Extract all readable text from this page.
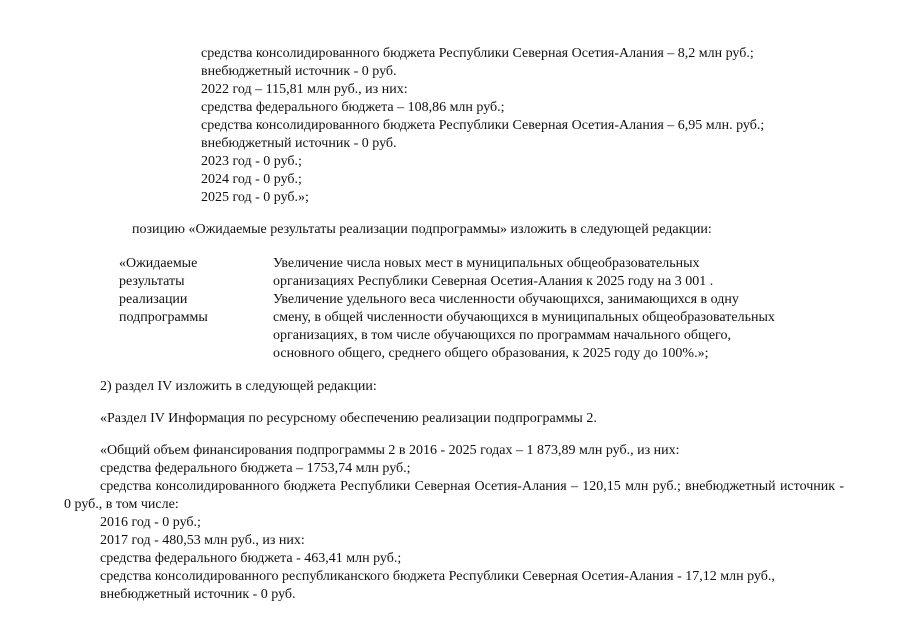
средства консолидированного бюджета Республики Северная Осетия-Алания – 8,2 млн руб.;
внебюджетный источник - 0 руб.
2022 год – 115,81 млн руб., из них:
средства федерального бюджета – 108,86 млн руб.;
средства консолидированного бюджета Республики Северная Осетия-Алания – 6,95 млн. руб.;
внебюджетный источник - 0 руб.
2023 год - 0 руб.;
2024 год - 0 руб.;
2025 год - 0 руб.»;
позицию «Ожидаемые результаты реализации подпрограммы» изложить в следующей редакции:
«Ожидаемые
результаты
реализации
подпрограммы
Увеличение числа новых мест в муниципальных общеобразовательных
организациях Республики Северная Осетия-Алания к 2025 году на 3 001 .
Увеличение удельного веса численности обучающихся, занимающихся в одну
смену, в общей численности обучающихся в муниципальных общеобразовательных
организациях, в том числе обучающихся по программам начального общего,
основного общего, среднего общего образования, к 2025 году до 100%.»;
2) раздел IV изложить в следующей редакции:
«Раздел IV Информация по ресурсному обеспечению реализации подпрограммы 2.
«Общий объем финансирования подпрограммы 2 в 2016 - 2025 годах – 1 873,89 млн руб., из них:
средства федерального бюджета – 1753,74 млн руб.;
средства консолидированного бюджета Республики Северная Осетия-Алания – 120,15 млн руб.; внебюджетный источник - 0 руб., в том числе:
2016 год - 0 руб.;
2017 год - 480,53 млн руб., из них:
средства федерального бюджета - 463,41 млн руб.;
средства консолидированного республиканского бюджета Республики Северная Осетия-Алания - 17,12 млн руб.,
внебюджетный источник - 0 руб.
